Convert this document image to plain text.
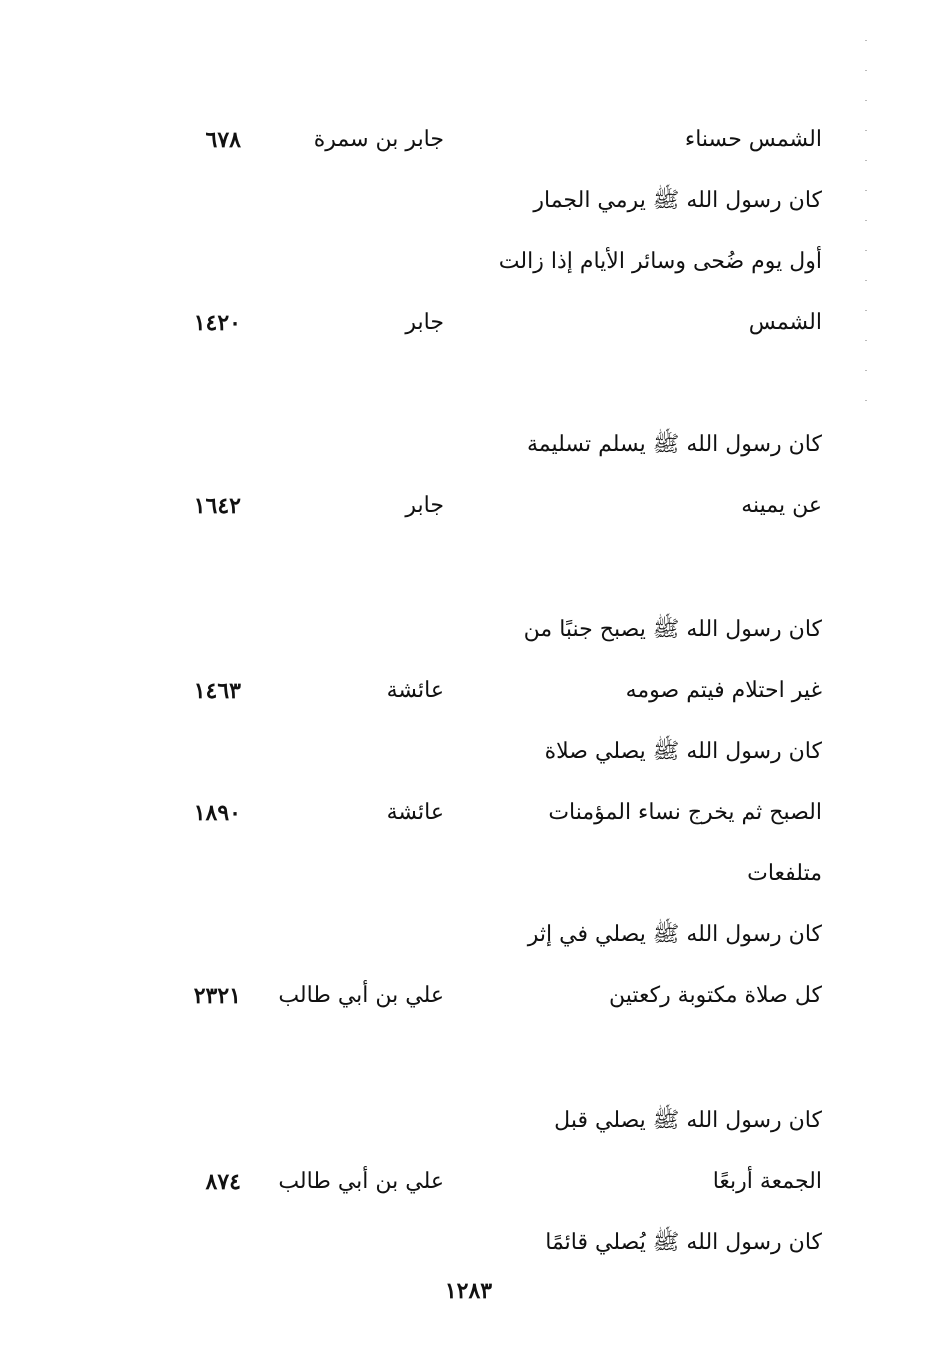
الشمس حسناء
جابر بن سمرة
٦٧٨
كان رسول الله ﷺ يرمي الجمار
أول يوم ضُحى وسائر الأيام إذا زالت
الشمس
جابر
١٤٢٠
كان رسول الله ﷺ يسلم تسليمة
عن يمينه
جابر
١٦٤٢
كان رسول الله ﷺ يصبح جنبًا من
غير احتلام فيتم صومه
عائشة
١٤٦٣
كان رسول الله ﷺ يصلي صلاة
الصبح ثم يخرج نساء المؤمنات
عائشة
١٨٩٠
متلفعات
كان رسول الله ﷺ يصلي في إثر
كل صلاة مكتوبة ركعتين
علي بن أبي طالب
٢٣٢١
كان رسول الله ﷺ يصلي قبل
الجمعة أربعًا
علي بن أبي طالب
٨٧٤
كان رسول الله ﷺ يُصلي قائمًا
١٢٨٣
